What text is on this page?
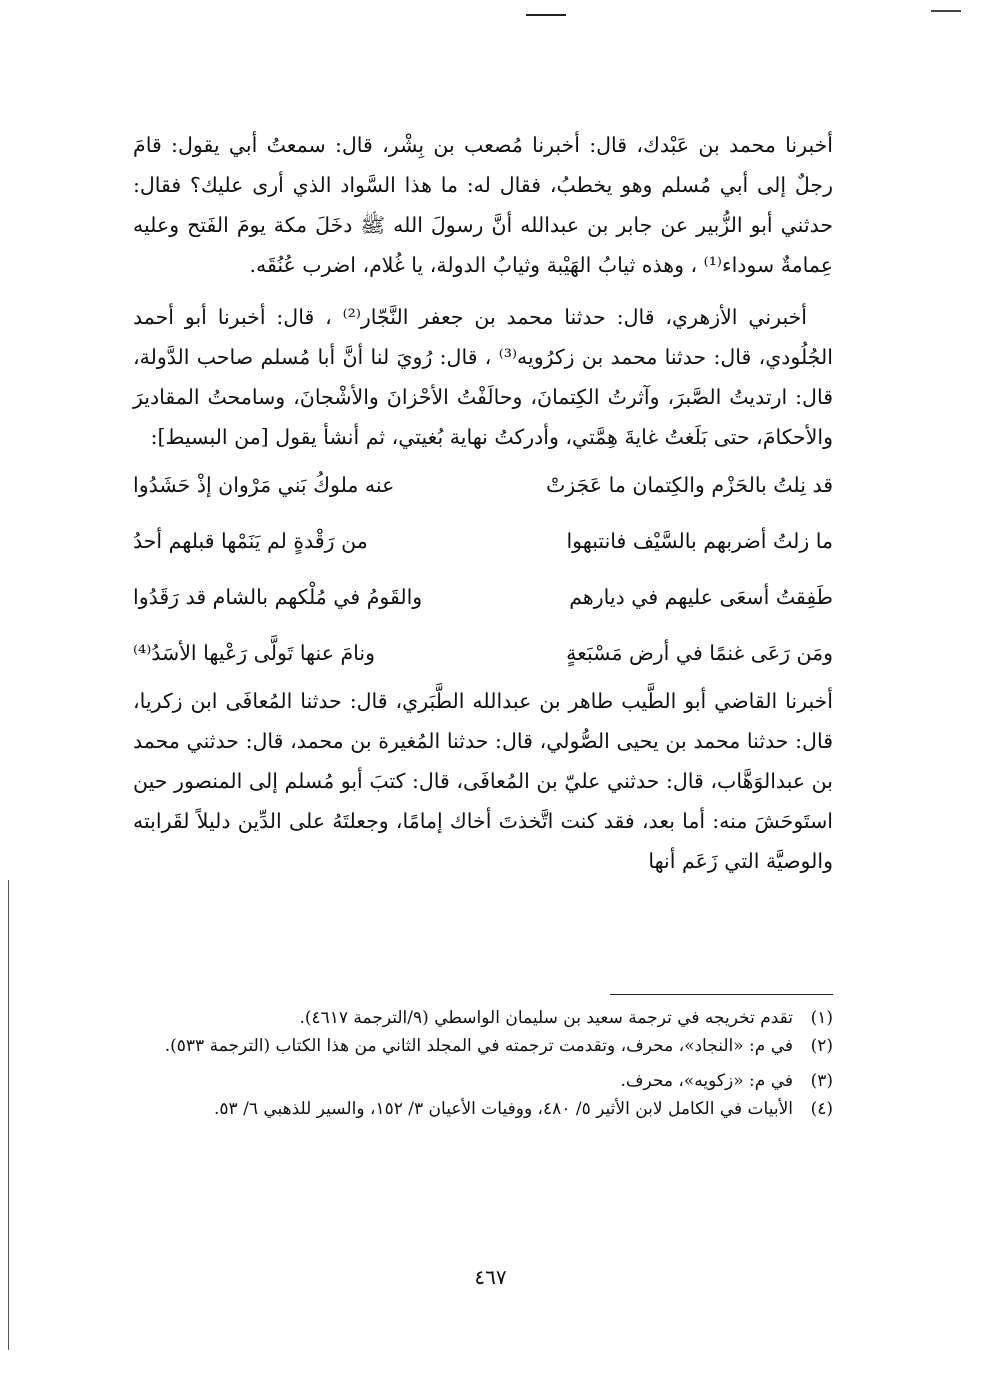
أخبرنا محمد بن عَبْدك، قال: أخبرنا مُصعب بن بِشْر، قال: سمعتُ أبي يقول: قامَ رجلٌ إلى أبي مُسلم وهو يخطبُ، فقال له: ما هذا السَّواد الذي أرى عليك؟ فقال: حدثني أبو الزُّبير عن جابر بن عبدالله أنَّ رسولَ الله ﷺ دخَلَ مكة يومَ الفَتح وعليه عِمامةٌ سوداء⁽¹⁾ ، وهذه ثيابُ الهَيْبة وثيابُ الدولة، يا غُلام، اضرب عُنُقَه.

أخبرني الأزهري، قال: حدثنا محمد بن جعفر النَّجّار⁽²⁾ ، قال: أخبرنا أبو أحمد الجُلُودي، قال: حدثنا محمد بن زكرُويه⁽³⁾ ، قال: رُويَ لنا أنَّ أبا مُسلم صاحب الدَّولة، قال: ارتديتُ الصَّبرَ، وآثرتُ الكِتمانَ، وحالَفْتُ الأحْزانَ والأشْجانَ، وسامحتُ المقاديرَ والأحكامَ، حتى بَلَغتُ غايةَ هِمَّتي، وأدركتُ نهاية بُغيتي، ثم أنشأ يقول [من البسيط]:

قد نِلتُ بالحَزْم والكِتمان ما عَجَزتْ
عنه ملوكُ بَني مَرْوان إذْ حَشَدُوا
ما زلتُ أضربهم بالسَّيْف فانتبهوا
من رَقْدةٍ لم يَنَمْها قبلهم أحدُ
طَفِقتُ أسعَى عليهم في ديارهم
والقَومُ في مُلْكهم بالشام قد رَقَدُوا
ومَن رَعَى غنمًا في أرض مَسْبَعةٍ
ونامَ عنها تَولَّى رَعْيها الأسَدُ⁽⁴⁾

أخبرنا القاضي أبو الطَّيب طاهر بن عبدالله الطَّبَري، قال: حدثنا المُعافَى ابن زكريا، قال: حدثنا محمد بن يحيى الصُّولي، قال: حدثنا المُغيرة بن محمد، قال: حدثني محمد بن عبدالوَهَّاب، قال: حدثني عليّ بن المُعافَى، قال: كتبَ أبو مُسلم إلى المنصور حين استَوحَشَ منه: أما بعد، فقد كنت اتَّخذتَ أخاك إمامًا، وجعلتَهُ على الدِّين دليلاً لقَرابته والوصيَّة التي زَعَم أنها

(١)
تقدم تخريجه في ترجمة سعيد بن سليمان الواسطي (٩/الترجمة ٤٦١٧).
(٢)
في م: «النجاد»، محرف، وتقدمت ترجمته في المجلد الثاني من هذا الكتاب (الترجمة ٥٣٣).
(٣)
في م: «زكويه»، محرف.
(٤)
الأبيات في الكامل لابن الأثير ٥/ ٤٨٠، ووفيات الأعيان ٣/ ١٥٢، والسير للذهبي ٦/ ٥٣.
٤٦٧
